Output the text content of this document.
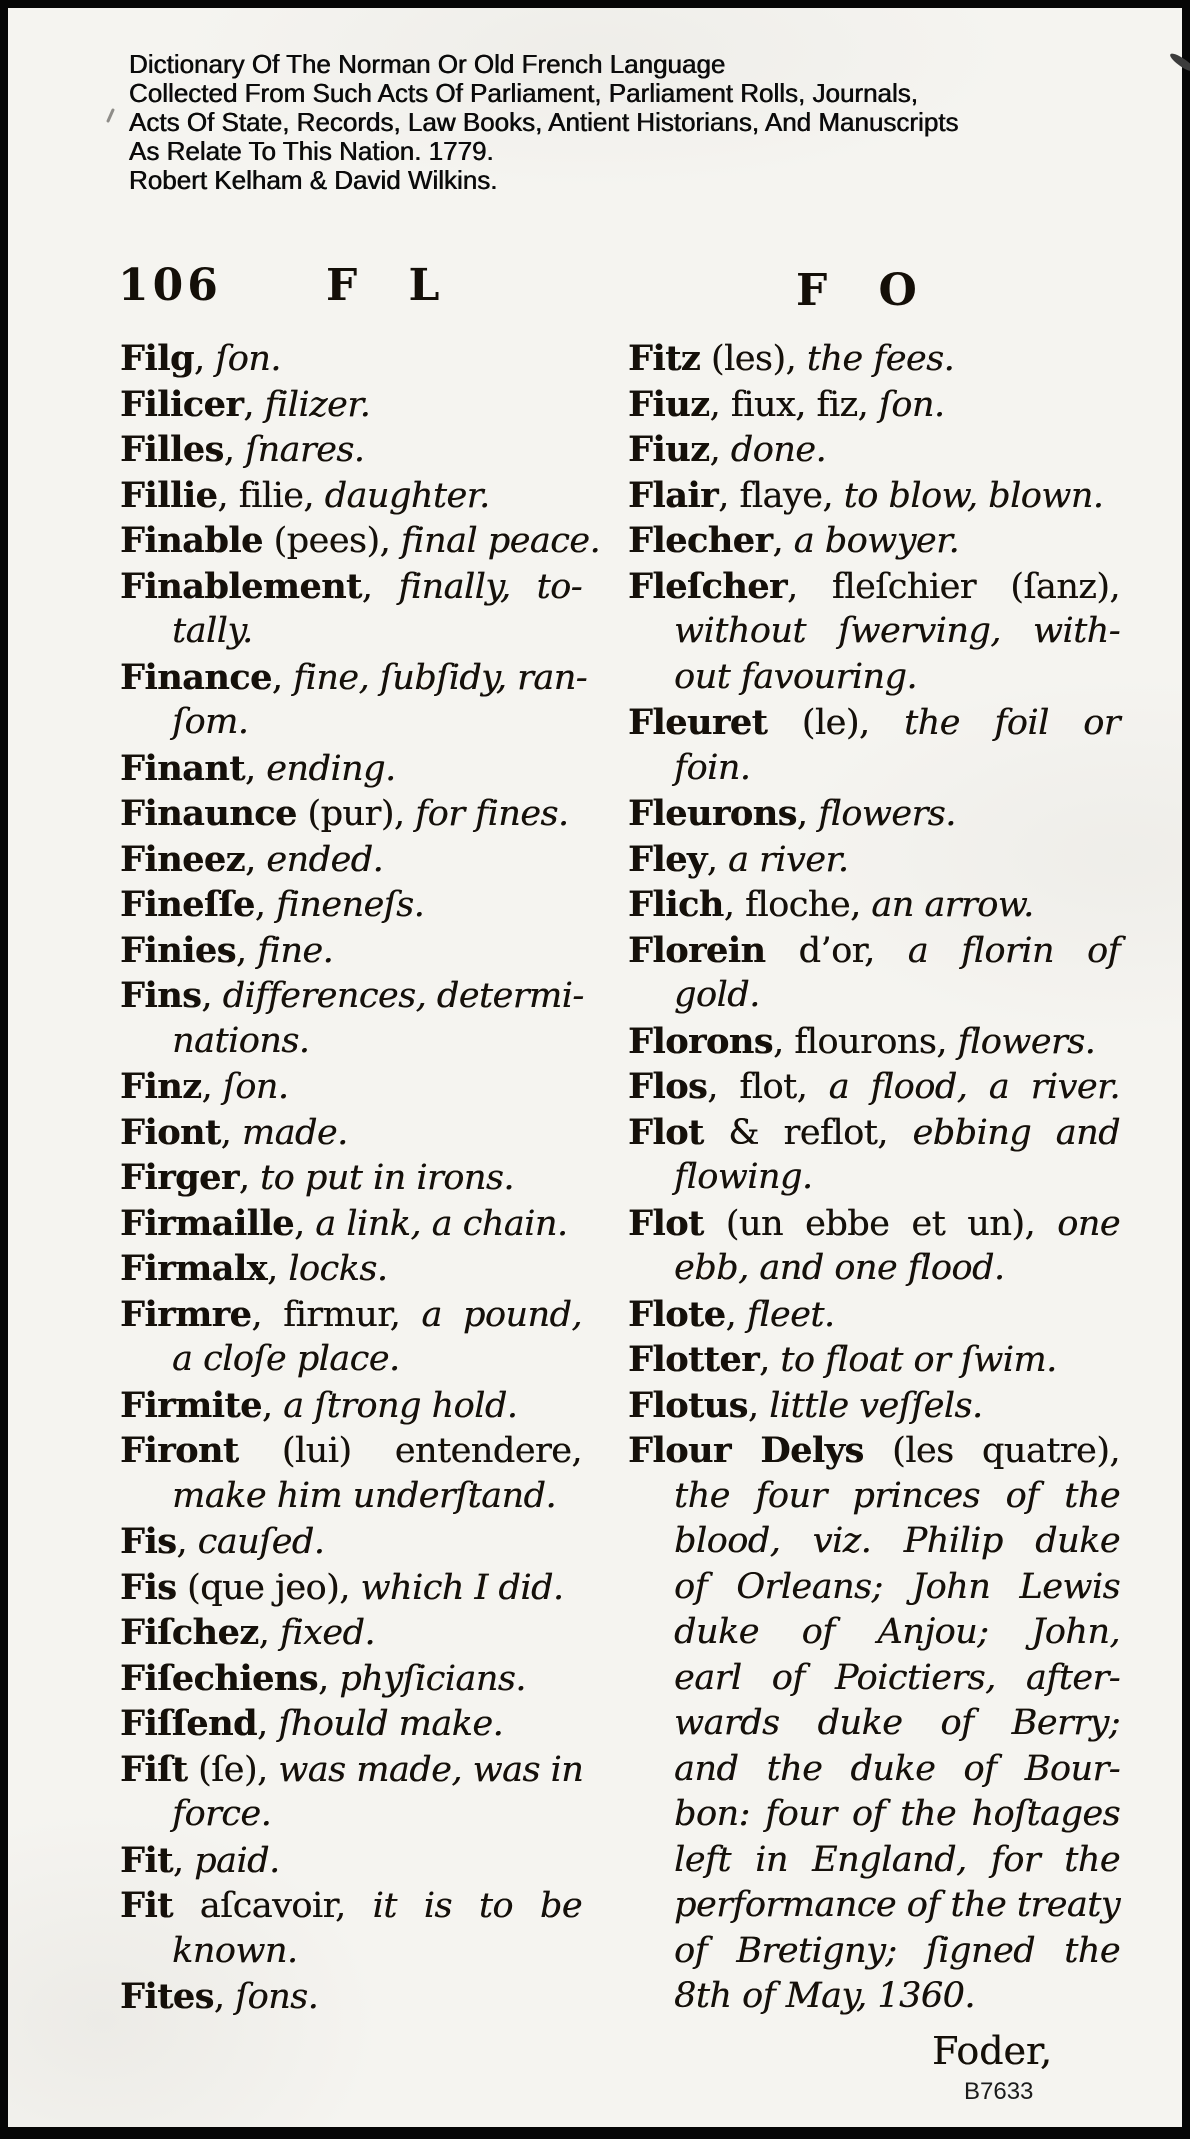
Dictionary Of The Norman Or Old French Language
Collected From Such Acts Of Parliament, Parliament Rolls, Journals,
Acts Of State, Records, Law Books, Antient Historians, And Manuscripts
As Relate To This Nation. 1779.
Robert Kelham & David Wilkins.
106 F L	F O
Filg, ſon.
Filicer, filizer.
Filles, ſnares.
Fillie, filie, daughter.
Finable (pees), final peace.
Finablement, finally, to-
tally.
Finance, fine, ſubſidy, ran-
ſom.
Finant, ending.
Finaunce (pur), for fines.
Fineez, ended.
Fineſſe, fineneſs.
Finies, fine.
Fins, differences, determi-
nations.
Finz, ſon.
Fiont, made.
Firger, to put in irons.
Firmaille, a link, a chain.
Firmalx, locks.
Firmre, firmur, a pound,
a cloſe place.
Firmite, a ſtrong hold.
Firont (lui) entendere,
make him underſtand.
Fis, cauſed.
Fis (que jeo), which I did.
Fiſchez, fixed.
Fiſechiens, phyſicians.
Fiſſend, ſhould make.
Fiſt (ſe), was made, was in
force.
Fit, paid.
Fit aſcavoir, it is to be
known.
Fites, ſons.
Fitz (les), the fees.
Fiuz, fiux, fiz, ſon.
Fiuz, done.
Flair, flaye, to blow, blown.
Flecher, a bowyer.
Fleſcher, fleſchier (ſanz),
without ſwerving, with-
out favouring.
Fleuret (le), the foil or
foin.
Fleurons, flowers.
Fley, a river.
Flich, floche, an arrow.
Florein d’or, a florin of
gold.
Florons, flourons, flowers.
Flos, flot, a flood, a river.
Flot & reflot, ebbing and
flowing.
Flot (un ebbe et un), one
ebb, and one flood.
Flote, fleet.
Flotter, to float or ſwim.
Flotus, little veſſels.
Flour Delys (les quatre),
the four princes of the
blood, viz. Philip duke
of Orleans; John Lewis
duke of Anjou; John,
earl of Poictiers, after-
wards duke of Berry;
and the duke of Bour-
bon: four of the hoſtages
left in England, for the
performance of the treaty
of Bretigny; ſigned the
8th of May, 1360.
Foder,
B7633
